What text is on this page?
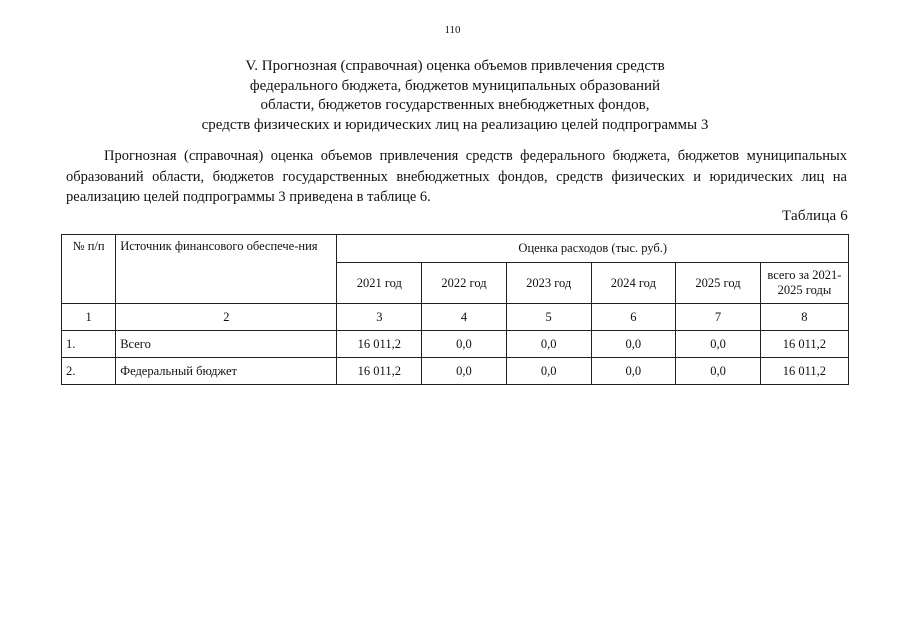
110
V. Прогнозная (справочная) оценка объемов привлечения средств
федерального бюджета, бюджетов муниципальных образований
области, бюджетов государственных внебюджетных фондов,
средств физических и юридических лиц на реализацию целей подпрограммы 3
Прогнозная (справочная) оценка объемов привлечения средств федерального бюджета, бюджетов муниципальных образований области, бюджетов государственных внебюджетных фондов, средств физических и юридических лиц на реализацию целей подпрограммы 3 приведена в таблице 6.
Таблица 6
№ п/п	Источник финансового обеспече-ния	Оценка расходов (тыс. руб.)					
		2021 год	2022 год	2023 год	2024 год	2025 год	всего за 2021-2025 годы
1	2	3	4	5	6	7	8
1.	Всего	16 011,2	0,0	0,0	0,0	0,0	16 011,2
2.	Федеральный бюджет	16 011,2	0,0	0,0	0,0	0,0	16 011,2
